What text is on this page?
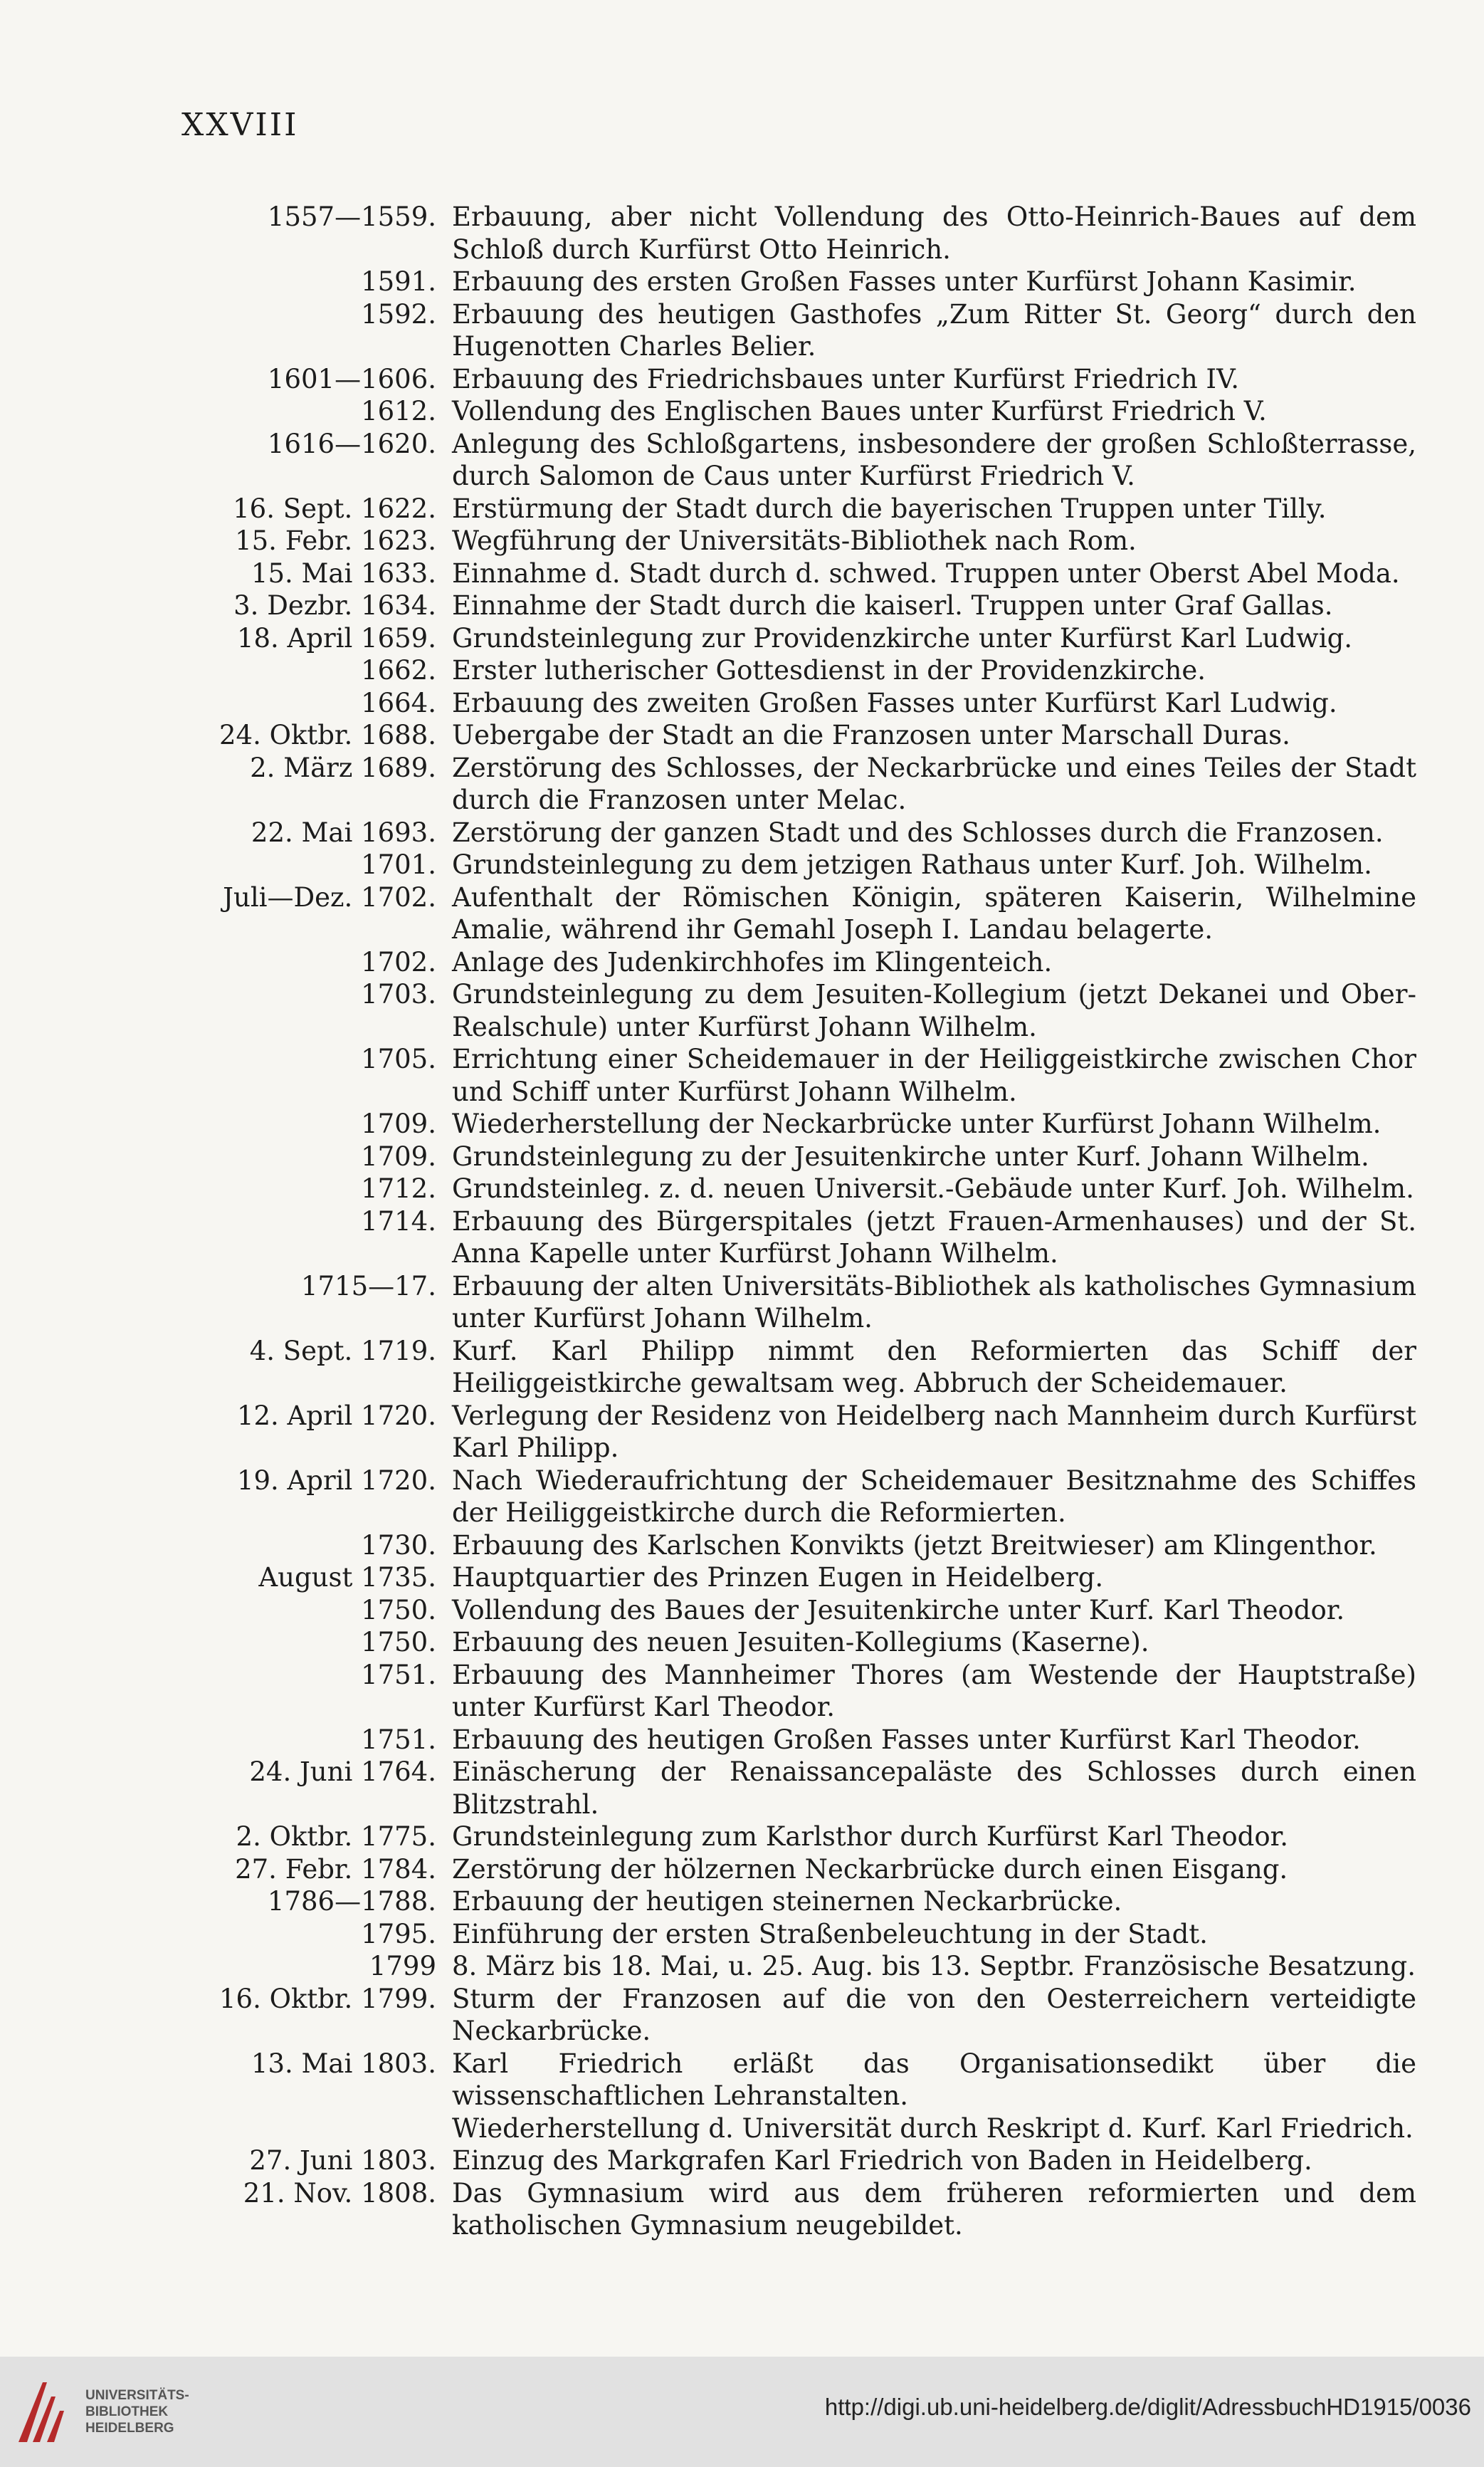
XXVIII
1557—1559. Erbauung, aber nicht Vollendung des Otto-Heinrich-Baues auf dem Schloß durch Kurfürst Otto Heinrich.
1591. Erbauung des ersten Großen Fasses unter Kurfürst Johann Kasimir.
1592. Erbauung des heutigen Gasthofes „Zum Ritter St. Georg“ durch den Hugenotten Charles Belier.
1601—1606. Erbauung des Friedrichsbaues unter Kurfürst Friedrich IV.
1612. Vollendung des Englischen Baues unter Kurfürst Friedrich V.
1616—1620. Anlegung des Schloßgartens, insbesondere der großen Schloßterrasse, durch Salomon de Caus unter Kurfürst Friedrich V.
16. Sept. 1622. Erstürmung der Stadt durch die bayerischen Truppen unter Tilly.
15. Febr. 1623. Wegführung der Universitäts-Bibliothek nach Rom.
15. Mai 1633. Einnahme d. Stadt durch d. schwed. Truppen unter Oberst Abel Moda.
3. Dezbr. 1634. Einnahme der Stadt durch die kaiserl. Truppen unter Graf Gallas.
18. April 1659. Grundsteinlegung zur Providenzkirche unter Kurfürst Karl Ludwig.
1662. Erster lutherischer Gottesdienst in der Providenzkirche.
1664. Erbauung des zweiten Großen Fasses unter Kurfürst Karl Ludwig.
24. Oktbr. 1688. Uebergabe der Stadt an die Franzosen unter Marschall Duras.
2. März 1689. Zerstörung des Schlosses, der Neckarbrücke und eines Teiles der Stadt durch die Franzosen unter Melac.
22. Mai 1693. Zerstörung der ganzen Stadt und des Schlosses durch die Franzosen.
1701. Grundsteinlegung zu dem jetzigen Rathaus unter Kurf. Joh. Wilhelm.
Juli—Dez. 1702. Aufenthalt der Römischen Königin, späteren Kaiserin, Wilhelmine Amalie, während ihr Gemahl Joseph I. Landau belagerte.
1702. Anlage des Judenkirchhofes im Klingenteich.
1703. Grundsteinlegung zu dem Jesuiten-Kollegium (jetzt Dekanei und Ober-Realschule) unter Kurfürst Johann Wilhelm.
1705. Errichtung einer Scheidemauer in der Heiliggeistkirche zwischen Chor und Schiff unter Kurfürst Johann Wilhelm.
1709. Wiederherstellung der Neckarbrücke unter Kurfürst Johann Wilhelm.
1709. Grundsteinlegung zu der Jesuitenkirche unter Kurf. Johann Wilhelm.
1712. Grundsteinleg. z. d. neuen Universit.-Gebäude unter Kurf. Joh. Wilhelm.
1714. Erbauung des Bürgerspitales (jetzt Frauen-Armenhauses) und der St. Anna Kapelle unter Kurfürst Johann Wilhelm.
1715—17. Erbauung der alten Universitäts-Bibliothek als katholisches Gymnasium unter Kurfürst Johann Wilhelm.
4. Sept. 1719. Kurf. Karl Philipp nimmt den Reformierten das Schiff der Heiliggeistkirche gewaltsam weg. Abbruch der Scheidemauer.
12. April 1720. Verlegung der Residenz von Heidelberg nach Mannheim durch Kurfürst Karl Philipp.
19. April 1720. Nach Wiederaufrichtung der Scheidemauer Besitznahme des Schiffes der Heiliggeistkirche durch die Reformierten.
1730. Erbauung des Karlschen Konvikts (jetzt Breitwieser) am Klingenthor.
August 1735. Hauptquartier des Prinzen Eugen in Heidelberg.
1750. Vollendung des Baues der Jesuitenkirche unter Kurf. Karl Theodor.
1750. Erbauung des neuen Jesuiten-Kollegiums (Kaserne).
1751. Erbauung des Mannheimer Thores (am Westende der Hauptstraße) unter Kurfürst Karl Theodor.
1751. Erbauung des heutigen Großen Fasses unter Kurfürst Karl Theodor.
24. Juni 1764. Einäscherung der Renaissancepaläste des Schlosses durch einen Blitzstrahl.
2. Oktbr. 1775. Grundsteinlegung zum Karlsthor durch Kurfürst Karl Theodor.
27. Febr. 1784. Zerstörung der hölzernen Neckarbrücke durch einen Eisgang.
1786—1788. Erbauung der heutigen steinernen Neckarbrücke.
1795. Einführung der ersten Straßenbeleuchtung in der Stadt.
1799 8. März bis 18. Mai, u. 25. Aug. bis 13. Septbr. Französische Besatzung.
16. Oktbr. 1799. Sturm der Franzosen auf die von den Oesterreichern verteidigte Neckarbrücke.
13. Mai 1803. Karl Friedrich erläßt das Organisationsedikt über die wissenschaftlichen Lehranstalten.
Wiederherstellung d. Universität durch Reskript d. Kurf. Karl Friedrich.
27. Juni 1803. Einzug des Markgrafen Karl Friedrich von Baden in Heidelberg.
21. Nov. 1808. Das Gymnasium wird aus dem früheren reformierten und dem katholischen Gymnasium neugebildet.
UNIVERSITÄTS-
BIBLIOTHEK
HEIDELBERG
http://digi.ub.uni-heidelberg.de/diglit/AdressbuchHD1915/0036
